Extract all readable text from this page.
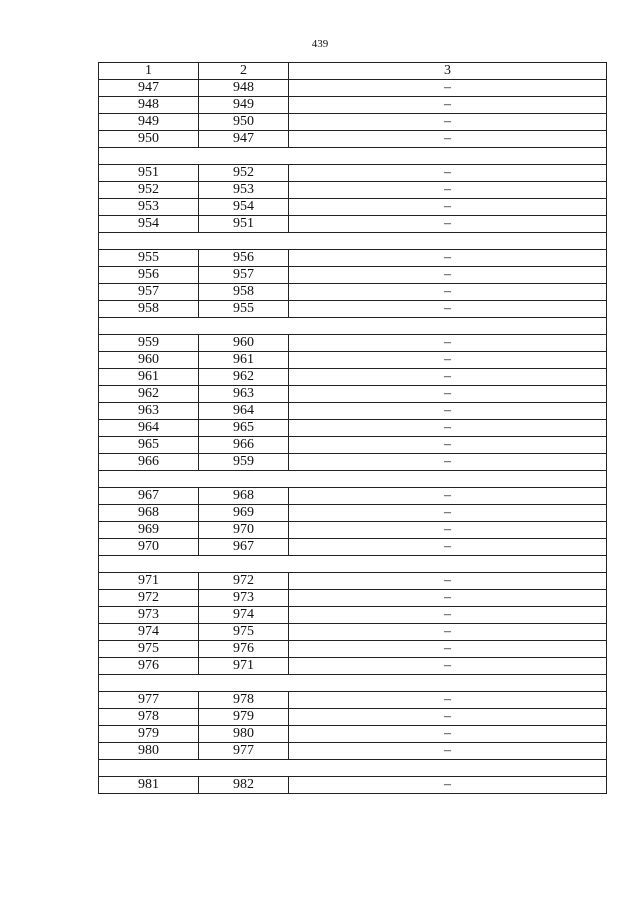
439
1	2	3
947	948	–
948	949	–
949	950	–
950	947	–

951	952	–
952	953	–
953	954	–
954	951	–

955	956	–
956	957	–
957	958	–
958	955	–

959	960	–
960	961	–
961	962	–
962	963	–
963	964	–
964	965	–
965	966	–
966	959	–

967	968	–
968	969	–
969	970	–
970	967	–

971	972	–
972	973	–
973	974	–
974	975	–
975	976	–
976	971	–

977	978	–
978	979	–
979	980	–
980	977	–

981	982	–
